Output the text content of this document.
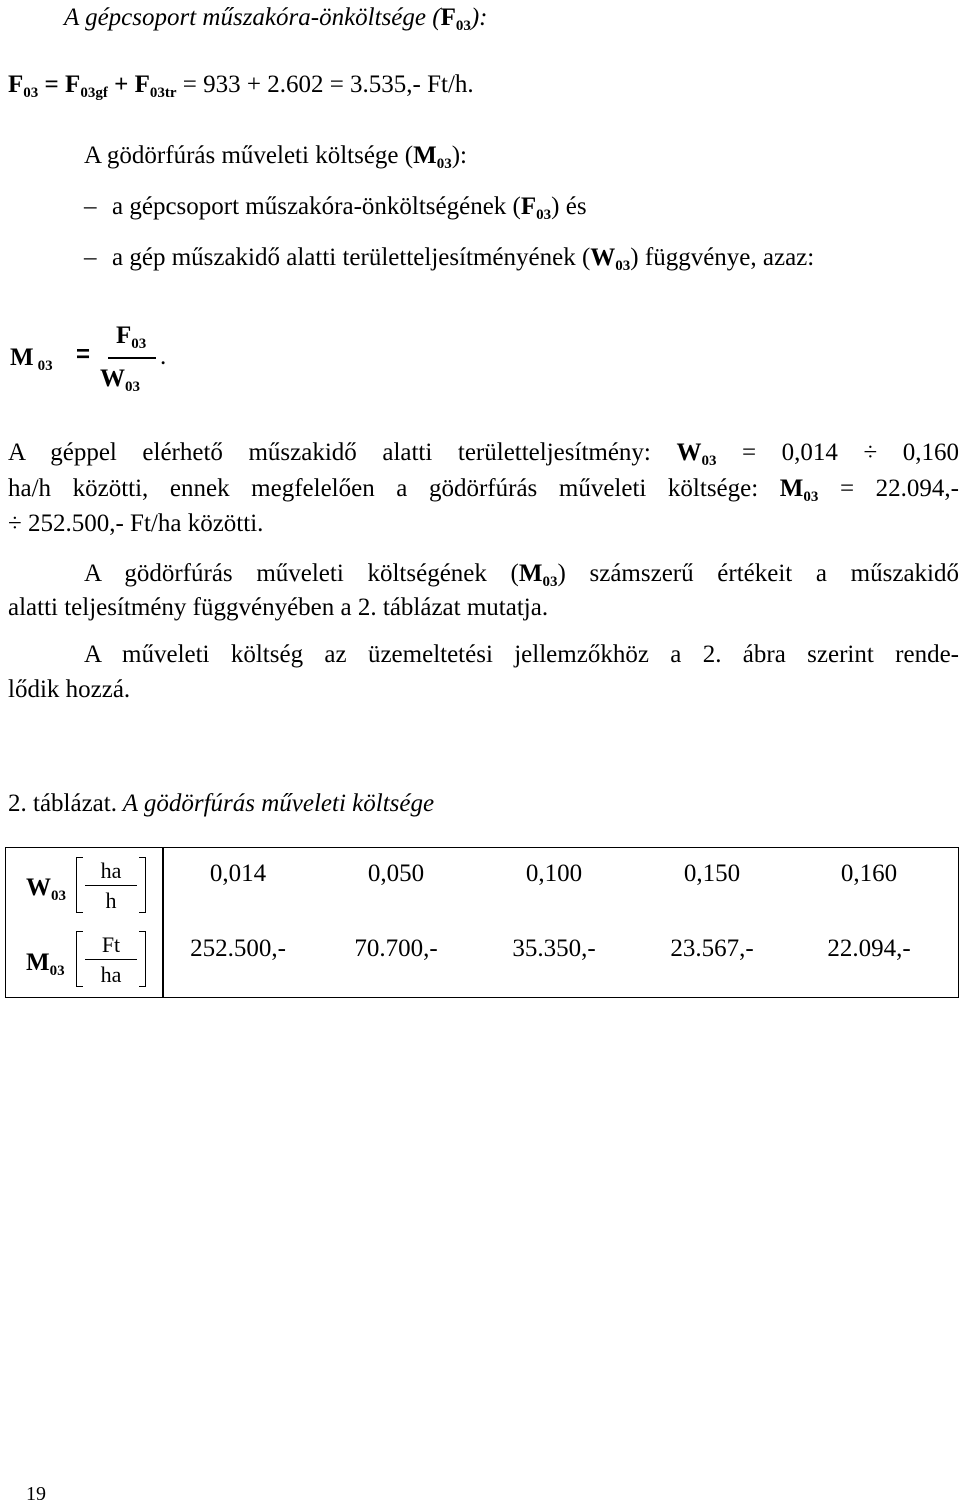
A gépcsoport műszakóra-önköltsége $(F_{03})$:
$F_{03} = F_{03gf} + F_{03tr} = 933 + 2.602 = 3.535,-$ Ft/h.
A gödörfúrás műveleti költsége $(M_{03})$:
– a gépcsoport műszakóra-önköltségének $(F_{03})$ és
– a gép műszakidő alatti területteljesítményének $(W_{03})$ függvénye, azaz:
M $_{03}$ =
$F_{03}$
$W_{03}$
.
A géppel elérhető műszakidő alatti területteljesítmény: $W_{03} = 0,014 \div 0,160$
ha/h közötti, ennek megfelelően a gödörfúrás műveleti költsége: $M_{03} = 22.094,-$
÷ 252.500,- Ft/ha közötti.
A gödörfúrás műveleti költségének $(M_{03})$ számszerű értékeit a műszakidő
alatti teljesítmény függvényében a 2. táblázat mutatja.
A műveleti költség az üzemeltetési jellemzőkhöz a 2. ábra szerint rende-
lődik hozzá.
2. táblázat. A gödörfúrás műveleti költsége
$W_{03}$
ha
h
0,014	0,050	0,100	0,150	0,160
$M_{03}$
Ft
ha
252.500,-	70.700,-	35.350,-	23.567,-	22.094,-
19
